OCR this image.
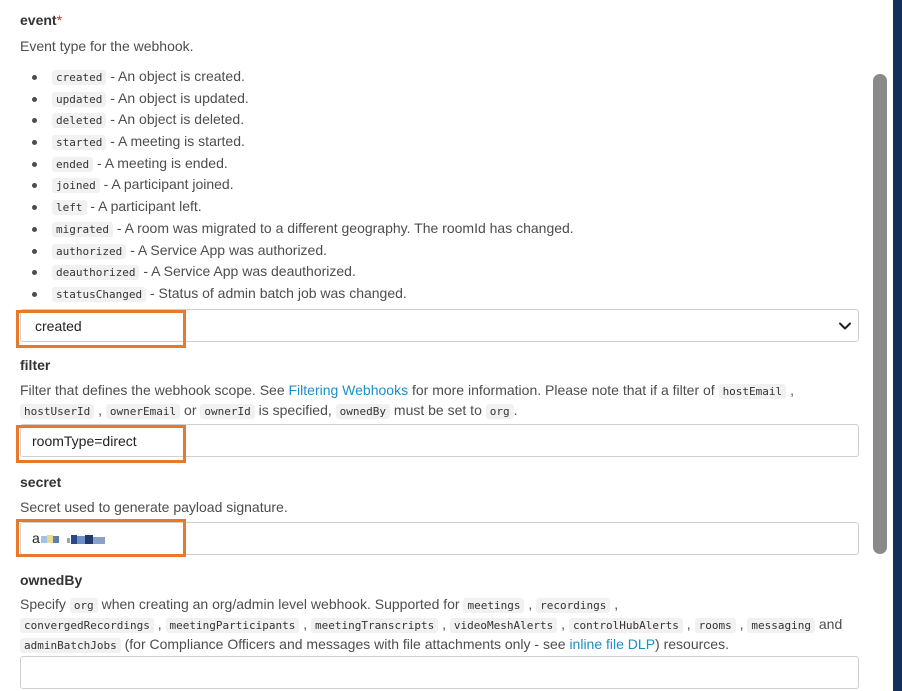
event*
Event type for the webhook.
created - An object is created.
updated - An object is updated.
deleted - An object is deleted.
started - A meeting is started.
ended - A meeting is ended.
joined - A participant joined.
left - A participant left.
migrated - A room was migrated to a different geography. The roomId has changed.
authorized - A Service App was authorized.
deauthorized - A Service App was deauthorized.
statusChanged - Status of admin batch job was changed.
created
filter
Filter that defines the webhook scope. See Filtering Webhooks for more information. Please note that if a filter of hostEmail ,
hostUserId , ownerEmail or ownerId is specified, ownedBy must be set to org .
roomType=direct
secret
Secret used to generate payload signature.
a
ownedBy
Specify org when creating an org/admin level webhook. Supported for meetings , recordings ,
convergedRecordings , meetingParticipants , meetingTranscripts , videoMeshAlerts , controlHubAlerts , rooms , messaging and
adminBatchJobs (for Compliance Officers and messages with file attachments only - see inline file DLP) resources.
